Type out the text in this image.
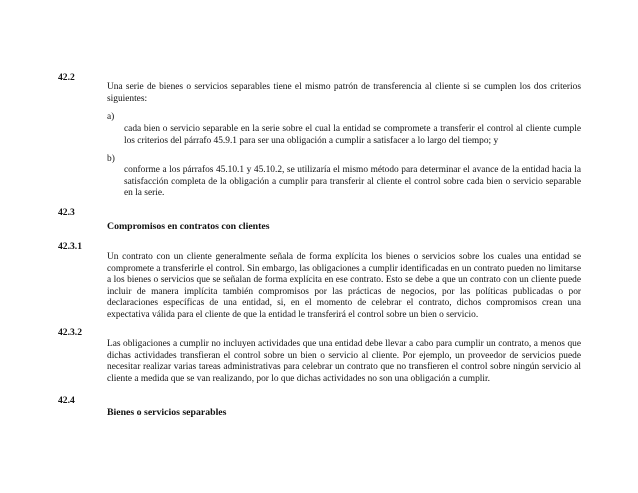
42.2
Una serie de bienes o servicios separables tiene el mismo patrón de transferencia al cliente si se cumplen los dos criterios siguientes:
a)
cada bien o servicio separable en la serie sobre el cual la entidad se compromete a transferir el control al cliente cumple los criterios del párrafo 45.9.1 para ser una obligación a cumplir a satisfacer a lo largo del tiempo; y
b)
conforme a los párrafos 45.10.1 y 45.10.2, se utilizaría el mismo método para determinar el avance de la entidad hacia la satisfacción completa de la obligación a cumplir para transferir al cliente el control sobre cada bien o servicio separable en la serie.
42.3
Compromisos en contratos con clientes
42.3.1
Un contrato con un cliente generalmente señala de forma explícita los bienes o servicios sobre los cuales una entidad se compromete a transferirle el control. Sin embargo, las obligaciones a cumplir identificadas en un contrato pueden no limitarse a los bienes o servicios que se señalan de forma explícita en ese contrato. Esto se debe a que un contrato con un cliente puede incluir de manera implícita también compromisos por las prácticas de negocios, por las políticas publicadas o por declaraciones específicas de una entidad, si, en el momento de celebrar el contrato, dichos compromisos crean una expectativa válida para el cliente de que la entidad le transferirá el control sobre un bien o servicio.
42.3.2
Las obligaciones a cumplir no incluyen actividades que una entidad debe llevar a cabo para cumplir un contrato, a menos que dichas actividades transfieran el control sobre un bien o servicio al cliente. Por ejemplo, un proveedor de servicios puede necesitar realizar varias tareas administrativas para celebrar un contrato que no transfieren el control sobre ningún servicio al cliente a medida que se van realizando, por lo que dichas actividades no son una obligación a cumplir.
42.4
Bienes o servicios separables
